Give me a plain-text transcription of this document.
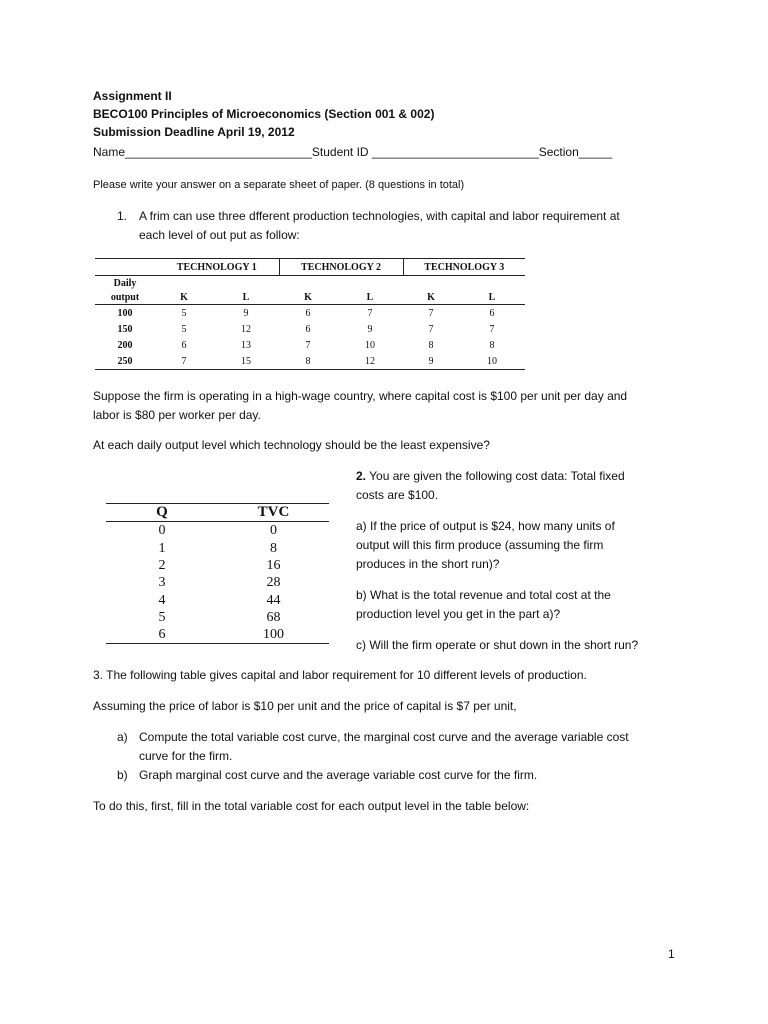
Assignment II
BECO100 Principles of Microeconomics (Section 001 & 002)
Submission Deadline April 19, 2012
Name____________________________Student ID _________________________Section_____
Please write your answer on a separate sheet of paper. (8 questions in total)
1. A frim can use three dfferent production technologies, with capital and labor requirement at
each level of out put as follow:
	TECHNOLOGY 1		TECHNOLOGY 2		TECHNOLOGY 3	
Daily						
output	K	L	K	L	K	L
100	5	9	6	7	7	6
150	5	12	6	9	7	7
200	6	13	7	10	8	8
250	7	15	8	12	9	10
Suppose the firm is operating in a high-wage country, where capital cost is $100 per unit per day and
labor is $80 per worker per day.
At each daily output level which technology should be the least expensive?
2. You are given the following cost data: Total fixed
costs are $100.
Q	TVC
0	0
1	8
2	16
3	28
4	44
5	68
6	100
a) If the price of output is $24, how many units of
output will this firm produce (assuming the firm
produces in the short run)?
b) What is the total revenue and total cost at the
production level you get in the part a)?
c) Will the firm operate or shut down in the short run?
3. The following table gives capital and labor requirement for 10 different levels of production.
Assuming the price of labor is $10 per unit and the price of capital is $7 per unit,
a) Compute the total variable cost curve, the marginal cost curve and the average variable cost
curve for the firm.
b) Graph marginal cost curve and the average variable cost curve for the firm.
To do this, first, fill in the total variable cost for each output level in the table below:
1
